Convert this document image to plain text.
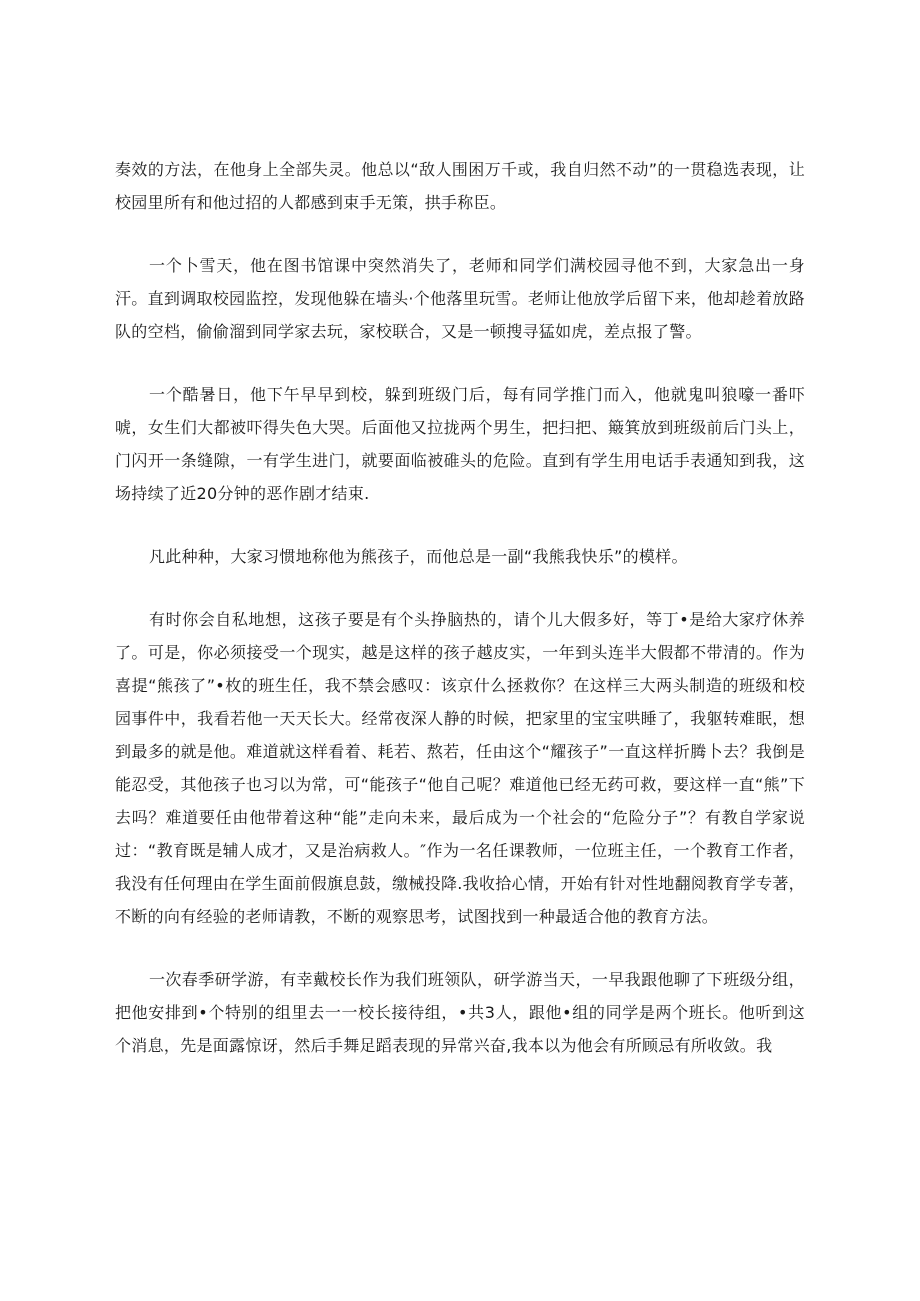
奏效的方法，在他身上全部失灵。他总以“敌人围困万千或，我自归然不动”的一贯稳选表现，让校园里所有和他过招的人都感到束手无策，拱手称臣。

一个卜雪天，他在图书馆课中突然消失了，老师和同学们满校园寻他不到，大家急出一身汗。直到调取校园监控，发现他躲在墙头·个他落里玩雪。老师让他放学后留下来，他却趁着放路队的空档，偷偷溜到同学家去玩，家校联合，又是一顿搜寻猛如虎，差点报了警。

一个酷暑日，他下午早早到校，躲到班级门后，每有同学推门而入，他就鬼叫狼嚎一番吓唬，女生们大都被吓得失色大哭。后面他又拉拢两个男生，把扫把、簸箕放到班级前后门头上，门闪开一条缝隙，一有学生进门，就要面临被碓头的危险。直到有学生用电话手表通知到我，这场持续了近20分钟的恶作剧才结束.

凡此种种，大家习惯地称他为熊孩子，而他总是一副“我熊我快乐”的模样。

有时你会自私地想，这孩子要是有个头挣脑热的，请个儿大假多好，等丁•是给大家疗休养了。可是，你必须接受一个现实，越是这样的孩子越皮实，一年到头连半大假都不带清的。作为喜提“熊孩了”•枚的班生任，我不禁会感叹：该京什么拯救你？在这样三大两头制造的班级和校园事件中，我看若他一天天长大。经常夜深人静的时候，把家里的宝宝哄睡了，我躯转难眠，想到最多的就是他。难道就这样看着、耗若、熬若，任由这个“耀孩子”一直这样折腾卜去？我倒是能忍受，其他孩子也习以为常，可“能孩子“他自己呢？难道他已经无药可救，要这样一直“熊”下去吗？难道要任由他带着这种“能”走向未来，最后成为一个社会的“危险分子”？有教自学家说过：“教育既是辅人成才，又是治病救人。″作为一名任课教师，一位班主任，一个教育工作者，我没有任何理由在学生面前假旗息鼓，缴械投降.我收拾心情，开始有针对性地翻阅教育学专著，不断的向有经验的老师请教，不断的观察思考，试图找到一种最适合他的教育方法。

一次春季研学游，有幸戴校长作为我们班领队，研学游当天，一早我跟他聊了下班级分组，把他安排到•个特别的组里去一一校长接待组，•共3人，跟他•组的同学是两个班长。他听到这个消息，先是面露惊讶，然后手舞足蹈表现的异常兴奋,我本以为他会有所顾忌有所收敛。我
